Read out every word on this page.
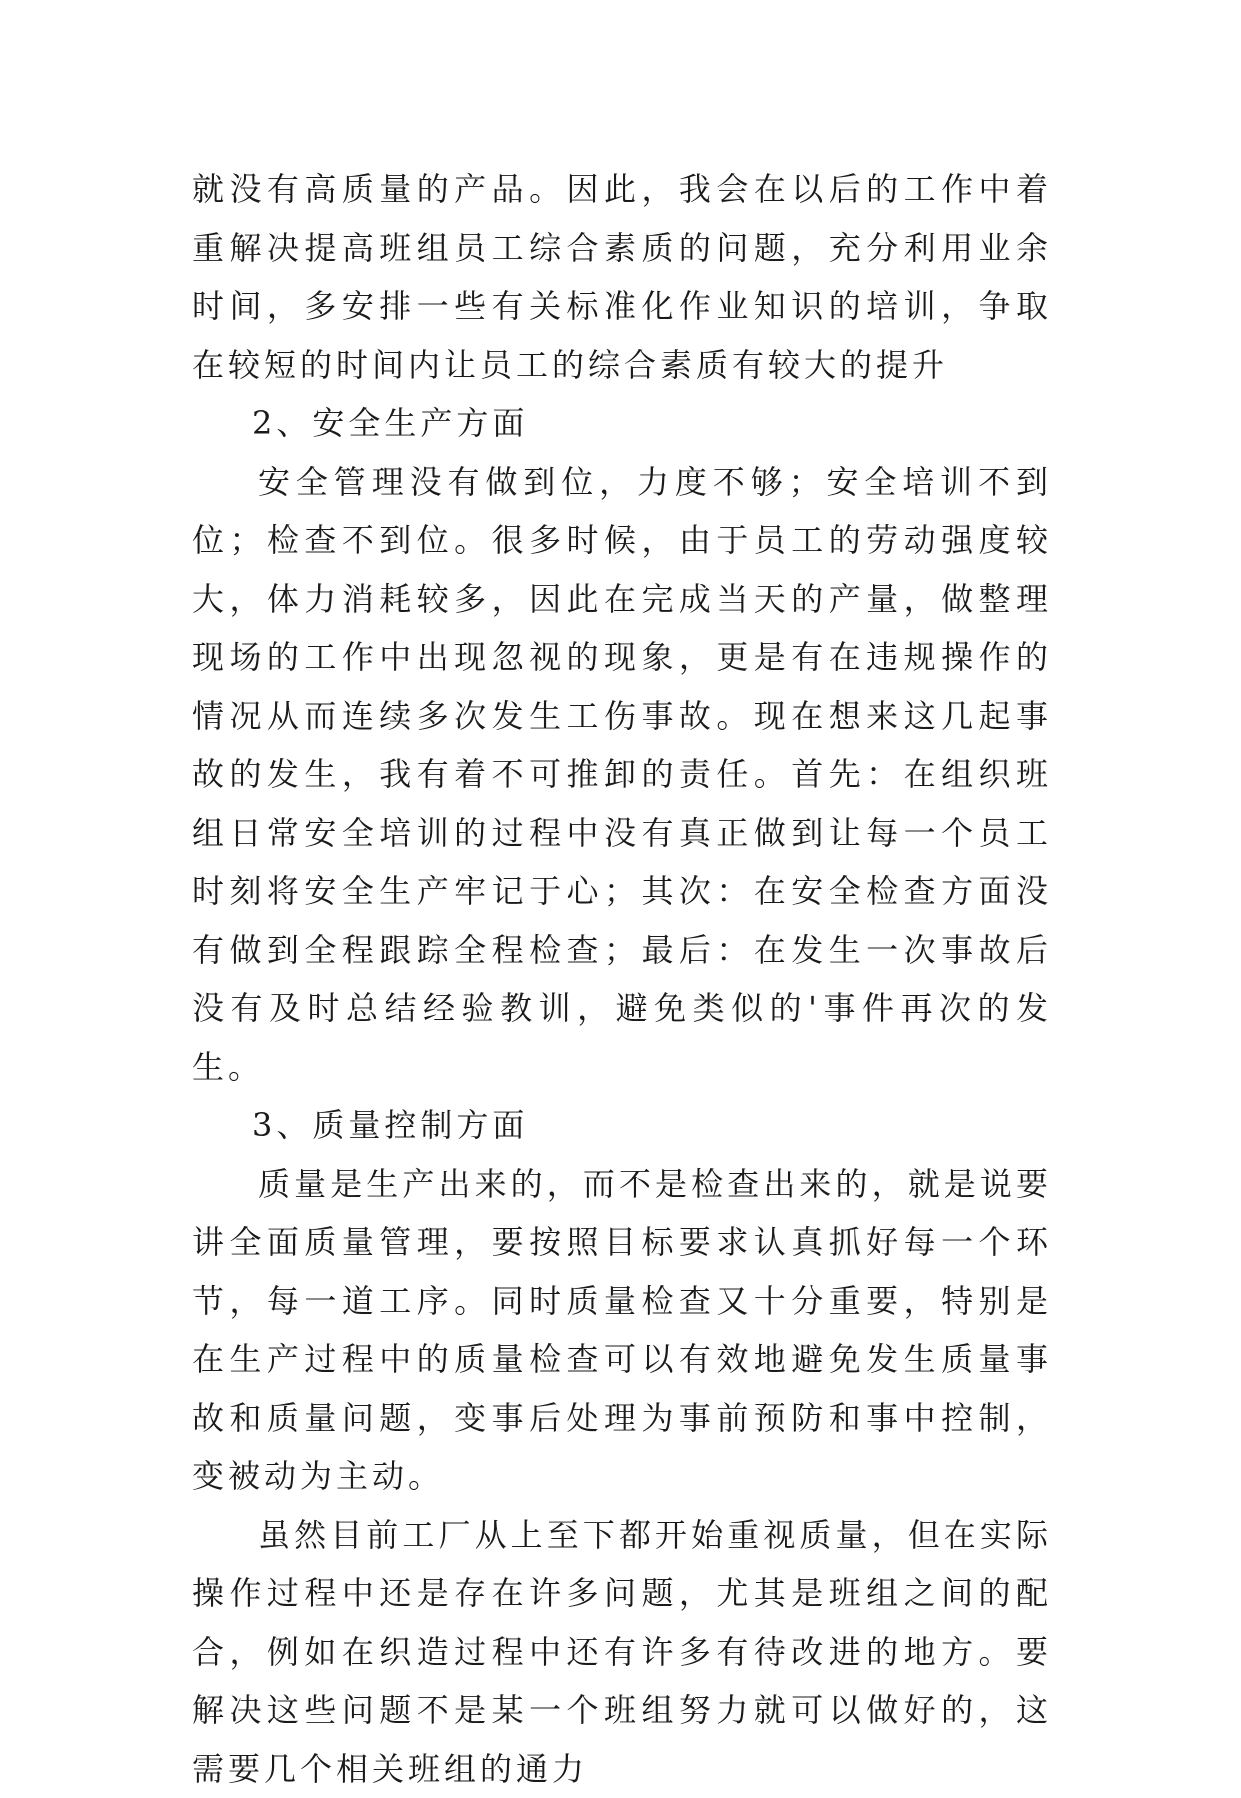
就没有高质量的产品。因此，我会在以后的工作中着重解决提高班组员工综合素质的问题，充分利用业余时间，多安排一些有关标准化作业知识的培训，争取在较短的时间内让员工的综合素质有较大的提升

2、安全生产方面

安全管理没有做到位，力度不够；安全培训不到位；检查不到位。很多时候，由于员工的劳动强度较大，体力消耗较多，因此在完成当天的产量，做整理现场的工作中出现忽视的现象，更是有在违规操作的情况从而连续多次发生工伤事故。现在想来这几起事故的发生，我有着不可推卸的责任。首先：在组织班组日常安全培训的过程中没有真正做到让每一个员工时刻将安全生产牢记于心；其次：在安全检查方面没有做到全程跟踪全程检查；最后：在发生一次事故后没有及时总结经验教训，避免类似的'事件再次的发生。

3、质量控制方面

质量是生产出来的，而不是检查出来的，就是说要讲全面质量管理，要按照目标要求认真抓好每一个环节，每一道工序。同时质量检查又十分重要，特别是在生产过程中的质量检查可以有效地避免发生质量事故和质量问题，变事后处理为事前预防和事中控制，变被动为主动。

虽然目前工厂从上至下都开始重视质量，但在实际操作过程中还是存在许多问题，尤其是班组之间的配合，例如在织造过程中还有许多有待改进的地方。要解决这些问题不是某一个班组努力就可以做好的，这需要几个相关班组的通力
